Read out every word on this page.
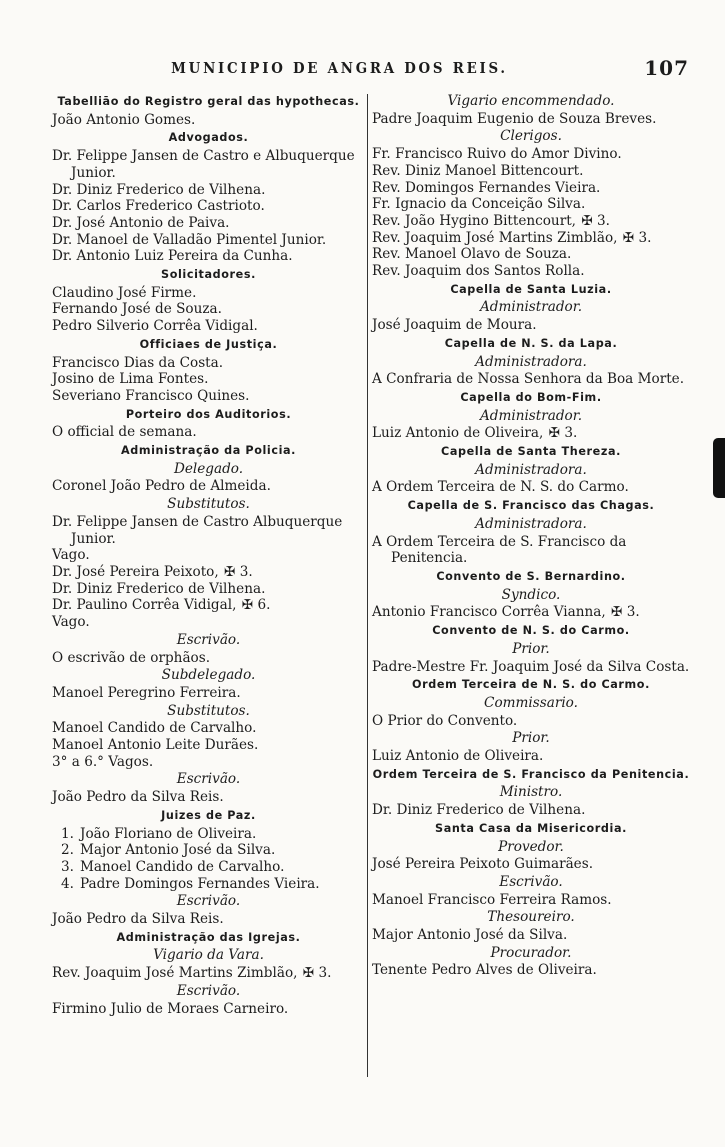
MUNICIPIO DE ANGRA DOS REIS.	107
Tabelliāo do Registro geral das hypothecas.
João Antonio Gomes.
Advogados.
Dr. Felippe Jansen de Castro e Albuquerque Junior.
Dr. Diniz Frederico de Vilhena.
Dr. Carlos Frederico Castrioto.
Dr. José Antonio de Paiva.
Dr. Manoel de Valladão Pimentel Junior.
Dr. Antonio Luiz Pereira da Cunha.
Solicitadores.
Claudino José Firme.
Fernando José de Souza.
Pedro Silverio Corrêa Vidigal.
Officiaes de Justiça.
Francisco Dias da Costa.
Josino de Lima Fontes.
Severiano Francisco Quines.
Porteiro dos Auditorios.
O official de semana.
Administração da Policia.
Delegado.
Coronel João Pedro de Almeida.
Substitutos.
Dr. Felippe Jansen de Castro Albuquerque Junior.
Vago.
Dr. José Pereira Peixoto, ✠ 3.
Dr. Diniz Frederico de Vilhena.
Dr. Paulino Corrêa Vidigal, ✠ 6.
Vago.
Escrivão.
O escrivão de orphãos.
Subdelegado.
Manoel Peregrino Ferreira.
Substitutos.
Manoel Candido de Carvalho.
Manoel Antonio Leite Durães.
3° a 6.° Vagos.
Escrivão.
João Pedro da Silva Reis.
Juizes de Paz.
1. João Floriano de Oliveira.
2. Major Antonio José da Silva.
3. Manoel Candido de Carvalho.
4. Padre Domingos Fernandes Vieira.
Escrivão.
João Pedro da Silva Reis.
Administração das Igrejas.
Vigario da Vara.
Rev. Joaquim José Martins Zimblão, ✠ 3.
Escrivão.
Firmino Julio de Moraes Carneiro.
Vigario encommendado.
Padre Joaquim Eugenio de Souza Breves.
Clerigos.
Fr. Francisco Ruivo do Amor Divino.
Rev. Diniz Manoel Bittencourt.
Rev. Domingos Fernandes Vieira.
Fr. Ignacio da Conceição Silva.
Rev. João Hygino Bittencourt, ✠ 3.
Rev. Joaquim José Martins Zimblão, ✠ 3.
Rev. Manoel Olavo de Souza.
Rev. Joaquim dos Santos Rolla.
Capella de Santa Luzia.
Administrador.
José Joaquim de Moura.
Capella de N. S. da Lapa.
Administradora.
A Confraria de Nossa Senhora da Boa Morte.
Capella do Bom-Fim.
Administrador.
Luiz Antonio de Oliveira, ✠ 3.
Capella de Santa Thereza.
Administradora.
A Ordem Terceira de N. S. do Carmo.
Capella de S. Francisco das Chagas.
Administradora.
A Ordem Terceira de S. Francisco da Penitencia.
Convento de S. Bernardino.
Syndico.
Antonio Francisco Corrêa Vianna, ✠ 3.
Convento de N. S. do Carmo.
Prior.
Padre-Mestre Fr. Joaquim José da Silva Costa.
Ordem Terceira de N. S. do Carmo.
Commissario.
O Prior do Convento.
Prior.
Luiz Antonio de Oliveira.
Ordem Terceira de S. Francisco da Penitencia.
Ministro.
Dr. Diniz Frederico de Vilhena.
Santa Casa da Misericordia.
Provedor.
José Pereira Peixoto Guimarães.
Escrivão.
Manoel Francisco Ferreira Ramos.
Thesoureiro.
Major Antonio José da Silva.
Procurador.
Tenente Pedro Alves de Oliveira.
